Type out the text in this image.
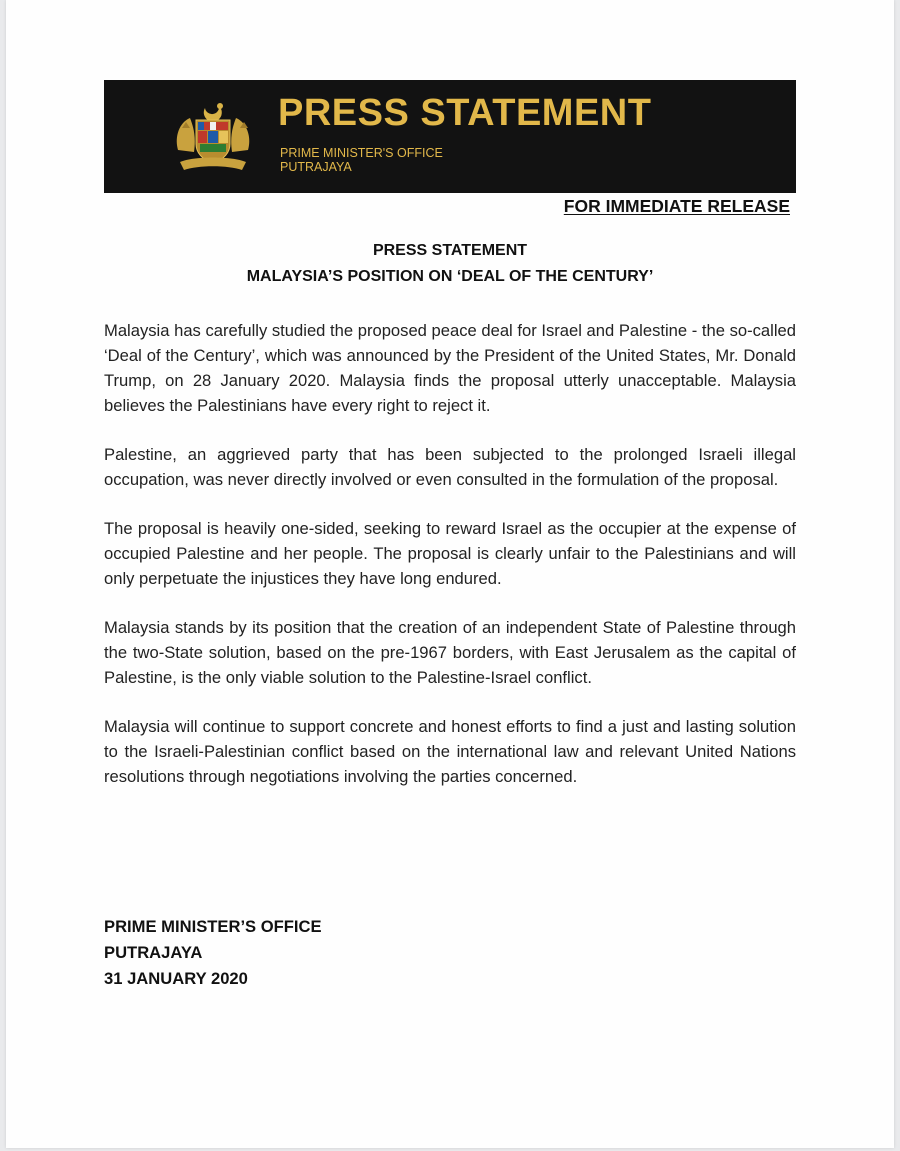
PRESS STATEMENT
PRIME MINISTER'S OFFICE
PUTRAJAYA
FOR IMMEDIATE RELEASE
PRESS STATEMENT
MALAYSIA’S POSITION ON ‘DEAL OF THE CENTURY’

Malaysia has carefully studied the proposed peace deal for Israel and Palestine - the so-called ‘Deal of the Century’, which was announced by the President of the United States, Mr. Donald Trump, on 28 January 2020. Malaysia finds the proposal utterly unacceptable. Malaysia believes the Palestinians have every right to reject it.

Palestine, an aggrieved party that has been subjected to the prolonged Israeli illegal occupation, was never directly involved or even consulted in the formulation of the proposal.

The proposal is heavily one-sided, seeking to reward Israel as the occupier at the expense of occupied Palestine and her people. The proposal is clearly unfair to the Palestinians and will only perpetuate the injustices they have long endured.

Malaysia stands by its position that the creation of an independent State of Palestine through the two-State solution, based on the pre-1967 borders, with East Jerusalem as the capital of Palestine, is the only viable solution to the Palestine-Israel conflict.

Malaysia will continue to support concrete and honest efforts to find a just and lasting solution to the Israeli-Palestinian conflict based on the international law and relevant United Nations resolutions through negotiations involving the parties concerned.

PRIME MINISTER’S OFFICE
PUTRAJAYA
31 JANUARY 2020
